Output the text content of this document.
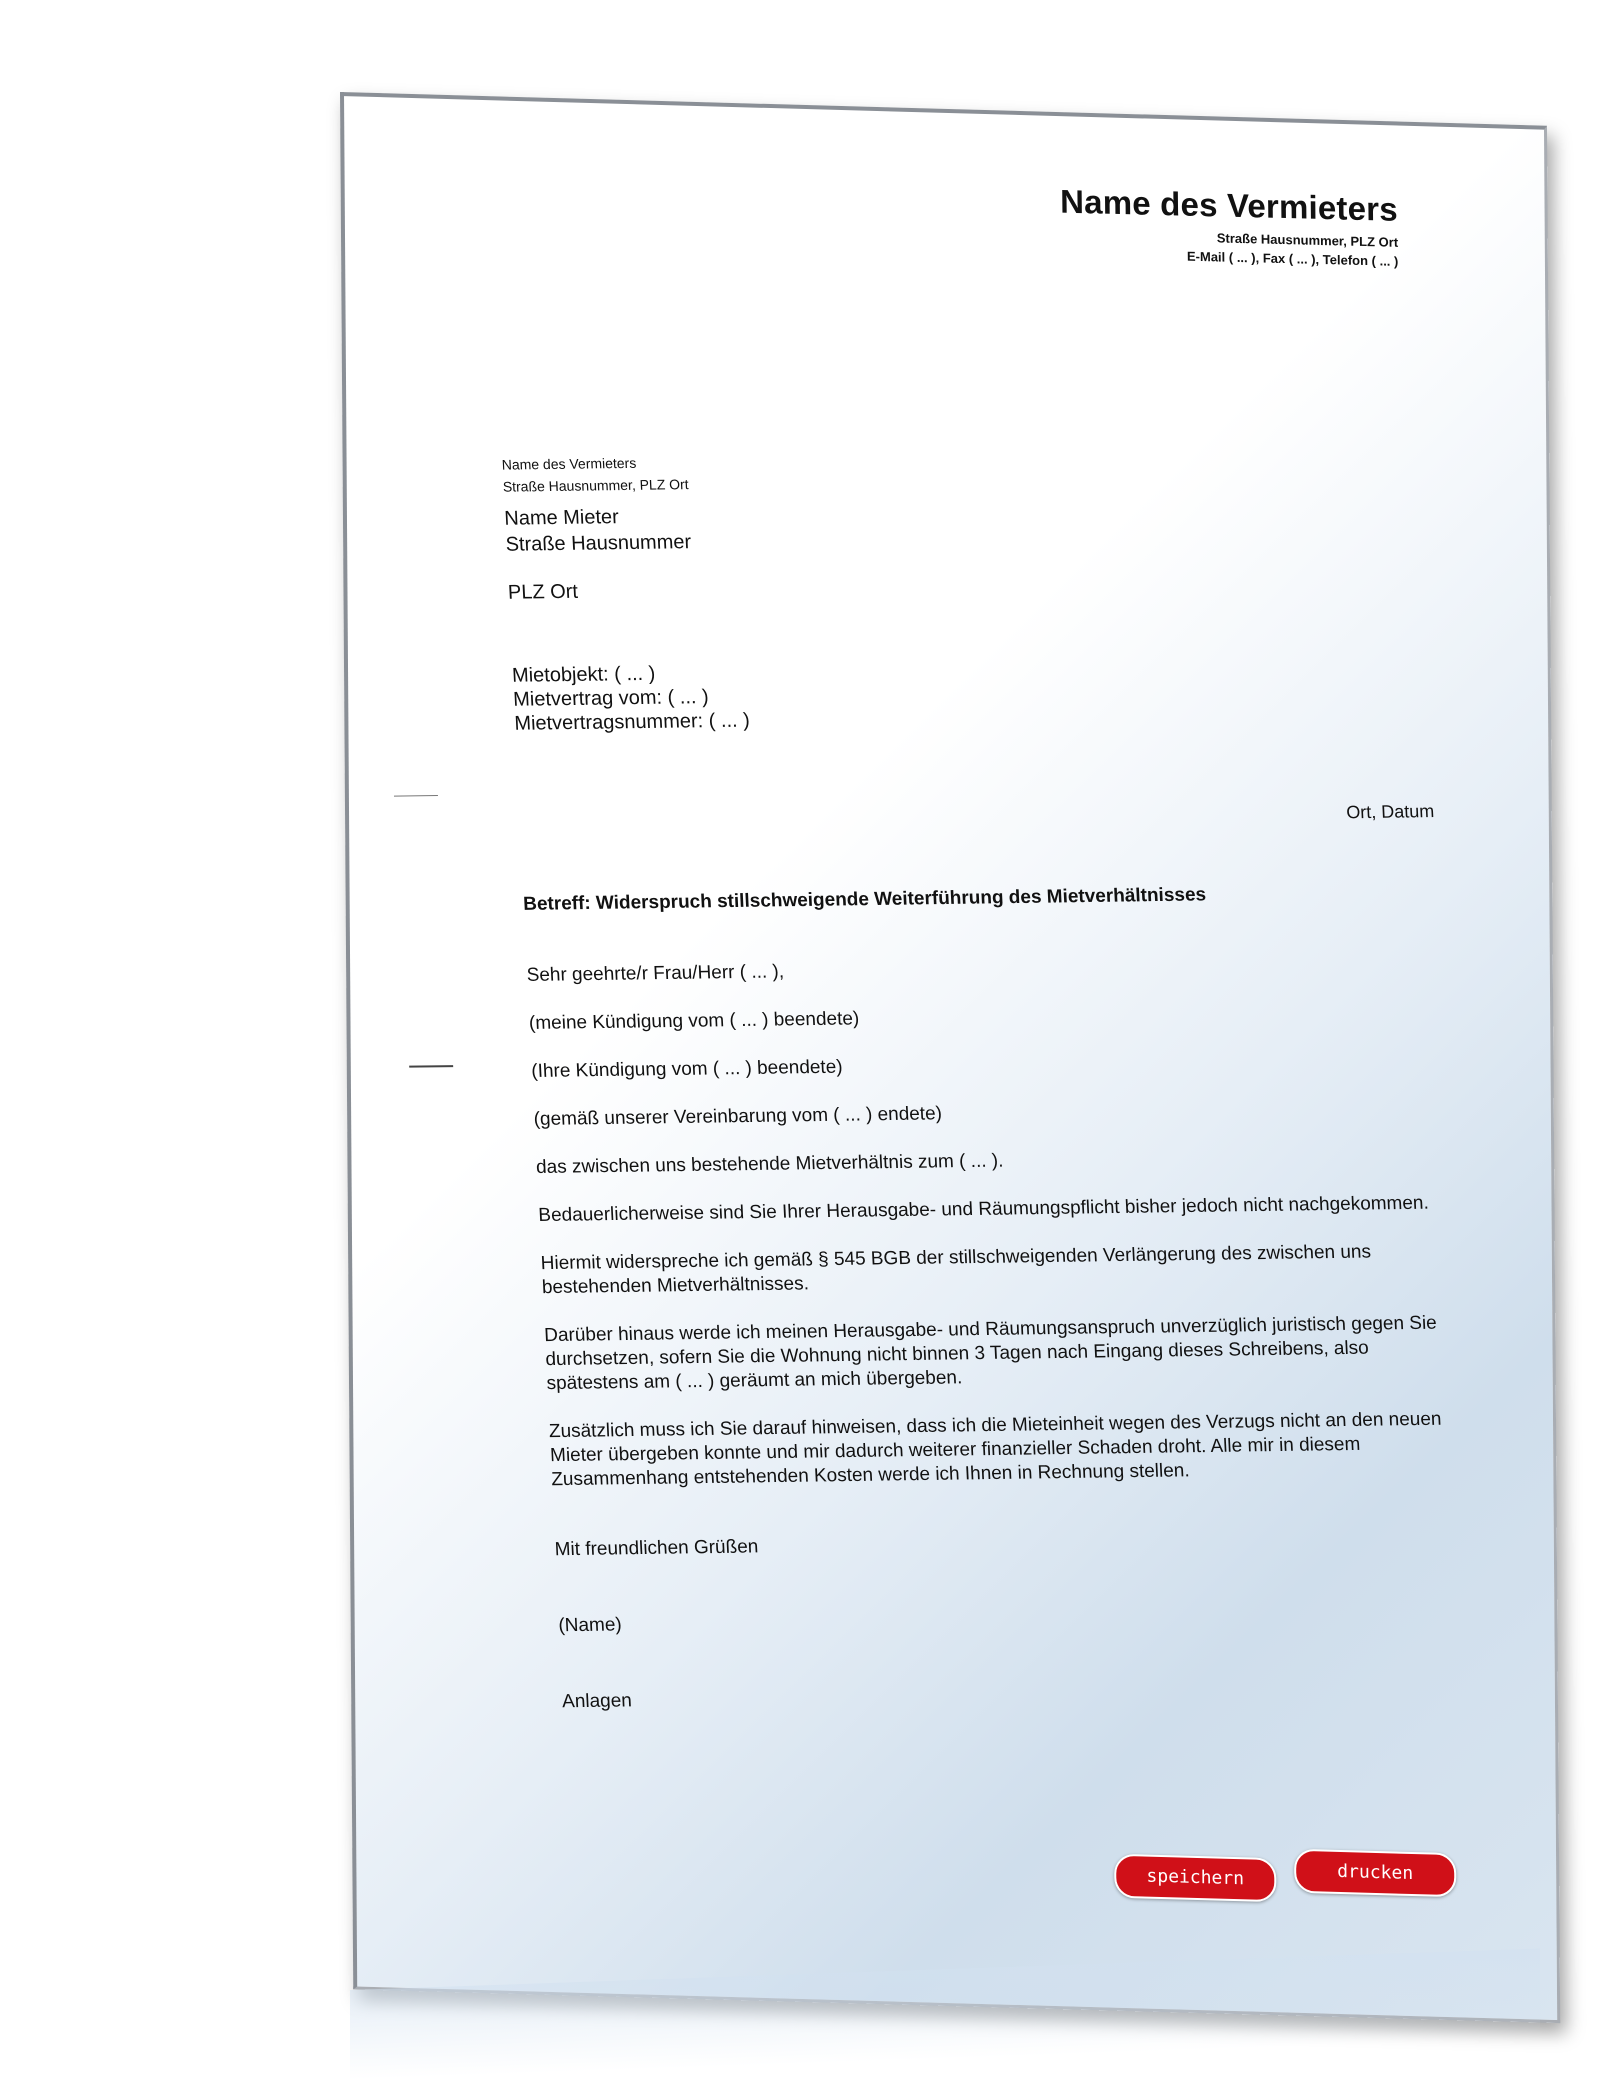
Name des Vermieters
Straße Hausnummer, PLZ Ort
E-Mail ( ... ), Fax ( ... ), Telefon ( ... )
Name des Vermieters
Straße Hausnummer, PLZ Ort
Name Mieter
Straße Hausnummer
PLZ Ort
Mietobjekt: ( ... )
Mietvertrag vom: ( ... )
Mietvertragsnummer: ( ... )
Ort, Datum
Betreff: Widerspruch stillschweigende Weiterführung des Mietverhältnisses

Sehr geehrte/r Frau/Herr ( ... ),

(meine Kündigung vom ( ... ) beendete)

(Ihre Kündigung vom ( ... ) beendete)

(gemäß unserer Vereinbarung vom ( ... ) endete)

das zwischen uns bestehende Mietverhältnis zum ( ... ).

Bedauerlicherweise sind Sie Ihrer Herausgabe- und Räumungspflicht bisher jedoch nicht nachgekommen.

Hiermit widerspreche ich gemäß § 545 BGB der stillschweigenden Verlängerung des zwischen uns bestehenden Mietverhältnisses.

Darüber hinaus werde ich meinen Herausgabe- und Räumungsanspruch unverzüglich juristisch gegen Sie durchsetzen, sofern Sie die Wohnung nicht binnen 3 Tagen nach Eingang dieses Schreibens, also spätestens am ( ... ) geräumt an mich übergeben.

Zusätzlich muss ich Sie darauf hinweisen, dass ich die Mieteinheit wegen des Verzugs nicht an den neuen Mieter übergeben konnte und mir dadurch weiterer finanzieller Schaden droht. Alle mir in diesem Zusammenhang entstehenden Kosten werde ich Ihnen in Rechnung stellen.

Mit freundlichen Grüßen

(Name)

Anlagen

speichern	drucken
